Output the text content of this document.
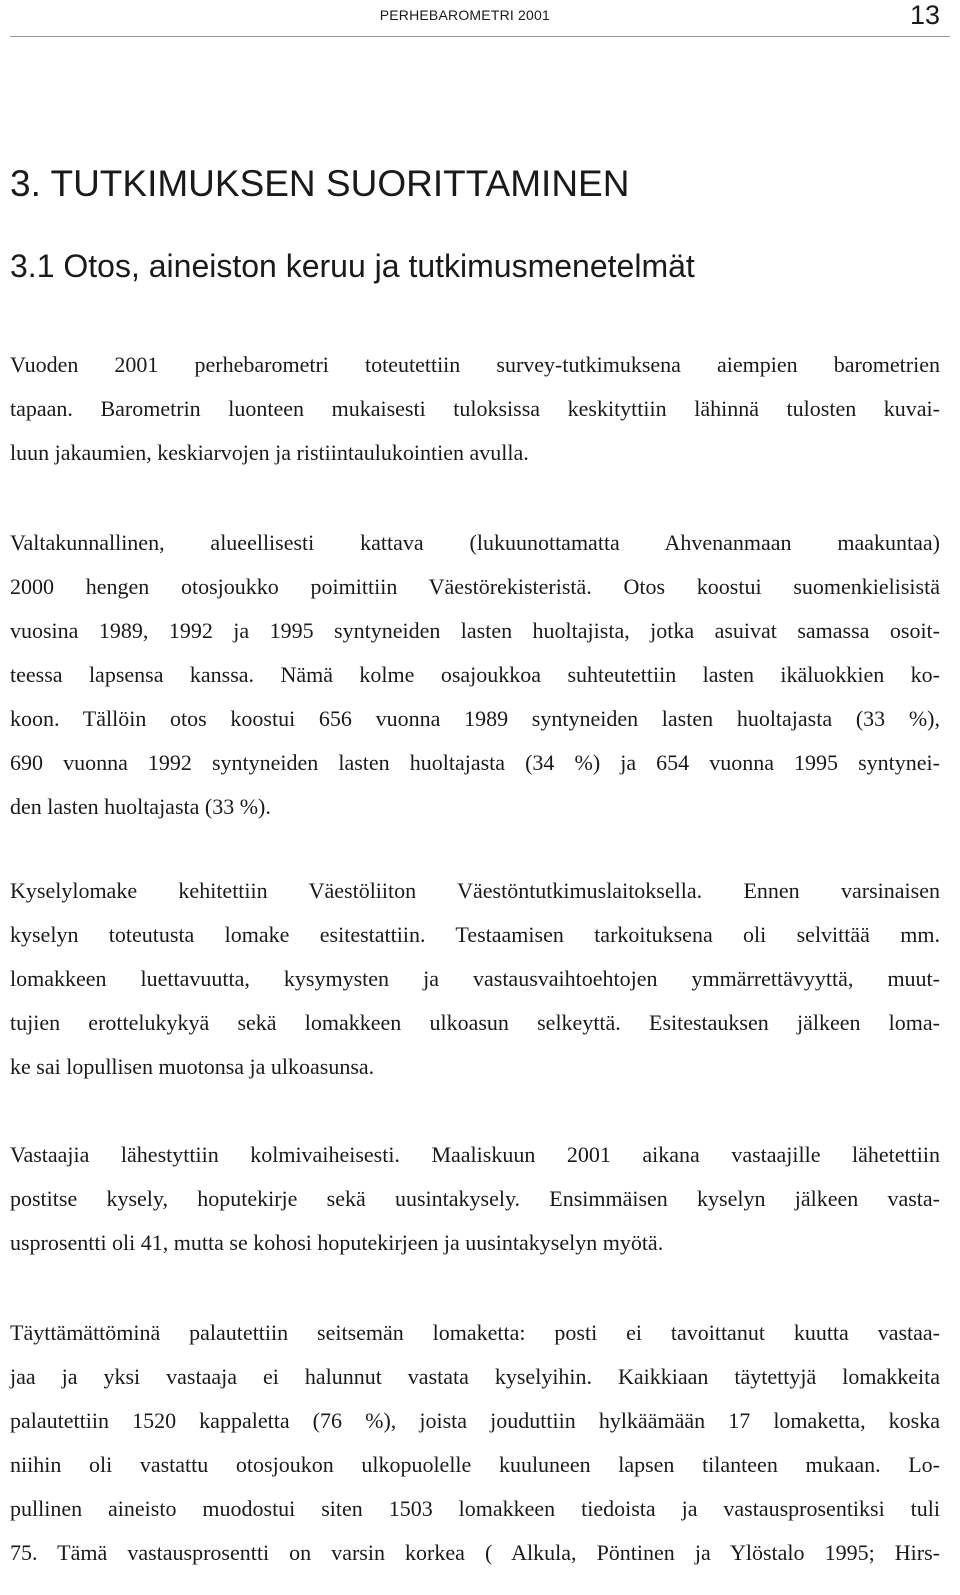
PERHEBAROMETRI 2001	13
3. TUTKIMUKSEN SUORITTAMINEN
3.1 Otos, aineiston keruu ja tutkimusmenetelmät
Vuoden 2001 perhebarometri toteutettiin survey-tutkimuksena aiempien barometrien
tapaan. Barometrin luonteen mukaisesti tuloksissa keskityttiin lähinnä tulosten kuvai-
luun jakaumien, keskiarvojen ja ristiintaulukointien avulla.
Valtakunnallinen, alueellisesti kattava (lukuunottamatta Ahvenanmaan maakuntaa)
2000 hengen otosjoukko poimittiin Väestörekisteristä. Otos koostui suomenkielisistä
vuosina 1989, 1992 ja 1995 syntyneiden lasten huoltajista, jotka asuivat samassa osoit-
teessa lapsensa kanssa. Nämä kolme osajoukkoa suhteutettiin lasten ikäluokkien ko-
koon. Tällöin otos koostui 656 vuonna 1989 syntyneiden lasten huoltajasta (33 %),
690 vuonna 1992 syntyneiden lasten huoltajasta (34 %) ja 654 vuonna 1995 syntynei-
den lasten huoltajasta (33 %).
Kyselylomake kehitettiin Väestöliiton Väestöntutkimuslaitoksella. Ennen varsinaisen
kyselyn toteutusta lomake esitestattiin. Testaamisen tarkoituksena oli selvittää mm.
lomakkeen luettavuutta, kysymysten ja vastausvaihtoehtojen ymmärrettävyyttä, muut-
tujien erottelukykyä sekä lomakkeen ulkoasun selkeyttä. Esitestauksen jälkeen loma-
ke sai lopullisen muotonsa ja ulkoasunsa.
Vastaajia lähestyttiin kolmivaiheisesti. Maaliskuun 2001 aikana vastaajille lähetettiin
postitse kysely, hoputekirje sekä uusintakysely. Ensimmäisen kyselyn jälkeen vasta-
usprosentti oli 41, mutta se kohosi hoputekirjeen ja uusintakyselyn myötä.
Täyttämättöminä palautettiin seitsemän lomaketta: posti ei tavoittanut kuutta vastaa-
jaa ja yksi vastaaja ei halunnut vastata kyselyihin. Kaikkiaan täytettyjä lomakkeita
palautettiin 1520 kappaletta (76 %), joista jouduttiin hylkäämään 17 lomaketta, koska
niihin oli vastattu otosjoukon ulkopuolelle kuuluneen lapsen tilanteen mukaan. Lo-
pullinen aineisto muodostui siten 1503 lomakkeen tiedoista ja vastausprosentiksi tuli
75. Tämä vastausprosentti on varsin korkea ( Alkula, Pöntinen ja Ylöstalo 1995; Hirs-
